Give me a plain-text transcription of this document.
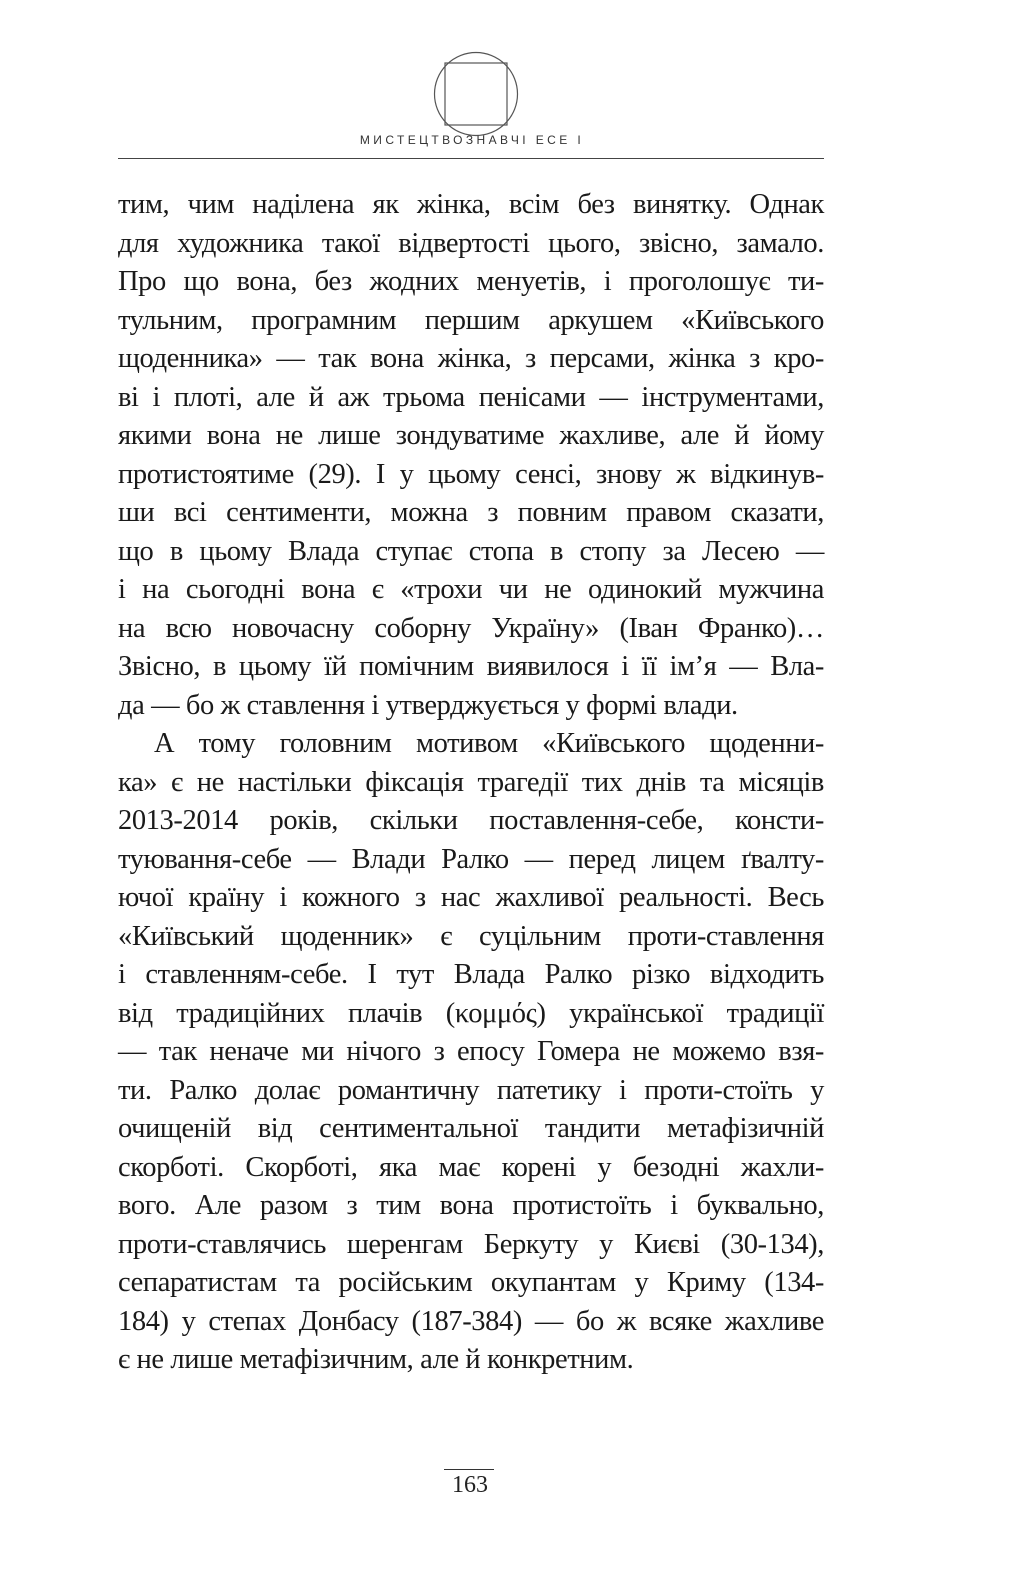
МИСТЕЦТВОЗНАВЧІ ЕСЕ І
тим, чим наділена як жінка, всім без винятку. Однак
для художника такої відвертості цього, звісно, замало.
Про що вона, без жодних менуетів, і проголошує ти-
тульним, програмним першим аркушем «Київського
щоденника» — так вона жінка, з персами, жінка з кро-
ві і плоті, але й аж трьома пенісами — інструментами,
якими вона не лише зондуватиме жахливе, але й йому
протистоятиме (29). І у цьому сенсі, знову ж відкинув-
ши всі сентименти, можна з повним правом сказати,
що в цьому Влада ступає стопа в стопу за Лесею —
і на сьогодні вона є «трохи чи не одинокий мужчина
на всю новочасну соборну Україну» (Іван Франко)…
Звісно, в цьому їй помічним виявилося і її ім’я — Вла-
да — бо ж ставлення і утверджується у формі влади.
А тому головним мотивом «Київського щоденни-
ка» є не настільки фіксація трагедії тих днів та місяців
2013-2014 років, скільки поставлення-себе, консти-
туювання-себе — Влади Ралко — перед лицем ґвалту-
ючої країну і кожного з нас жахливої реальності. Весь
«Київський щоденник» є суцільним проти-ставлення
і ставленням-себе. І тут Влада Ралко різко відходить
від традиційних плачів (κομμός) української традиції
— так неначе ми нічого з епосу Гомера не можемо взя-
ти. Ралко долає романтичну патетику і проти-стоїть у
очищеній від сентиментальної тандити метафізичній
скорботі. Скорботі, яка має корені у безодні жахли-
вого. Але разом з тим вона протистоїть і буквально,
проти-ставлячись шеренгам Беркуту у Києві (30-134),
сепаратистам та російським окупантам у Криму (134-
184) у степах Донбасу (187-384) — бо ж всяке жахливе
є не лише метафізичним, але й конкретним.
163
